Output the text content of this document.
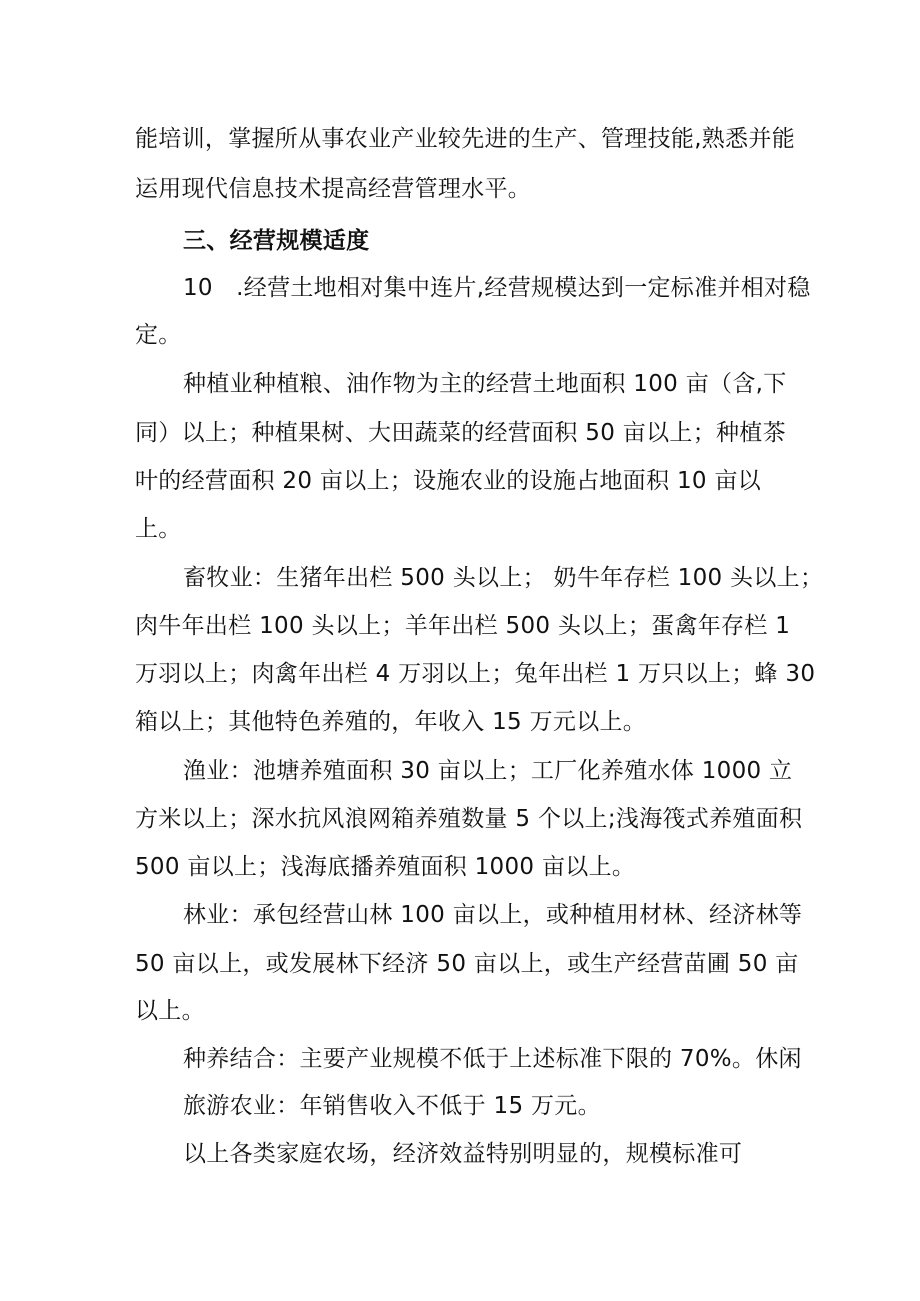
能培训，掌握所从事农业产业较先进的生产、管理技能,熟悉并能
运用现代信息技术提高经营管理水平。
三、经营规模适度
10　.经营土地相对集中连片,经营规模达到一定标准并相对稳
定。
种植业种植粮、油作物为主的经营土地面积 100 亩（含,下
同）以上；种植果树、大田蔬菜的经营面积 50 亩以上；种植茶
叶的经营面积 20 亩以上；设施农业的设施占地面积 10 亩以
上。
畜牧业：生猪年出栏 500 头以上； 奶牛年存栏 100 头以上；
肉牛年出栏 100 头以上；羊年出栏 500 头以上；蛋禽年存栏 1
万羽以上；肉禽年出栏 4 万羽以上；兔年出栏 1 万只以上；蜂 30
箱以上；其他特色养殖的，年收入 15 万元以上。
渔业：池塘养殖面积 30 亩以上；工厂化养殖水体 1000 立
方米以上；深水抗风浪网箱养殖数量 5 个以上;浅海筏式养殖面积
500 亩以上；浅海底播养殖面积 1000 亩以上。
林业：承包经营山林 100 亩以上，或种植用材林、经济林等
50 亩以上，或发展林下经济 50 亩以上，或生产经营苗圃 50 亩
以上。
种养结合：主要产业规模不低于上述标准下限的 70%。休闲
旅游农业：年销售收入不低于 15 万元。
以上各类家庭农场，经济效益特别明显的，规模标准可
